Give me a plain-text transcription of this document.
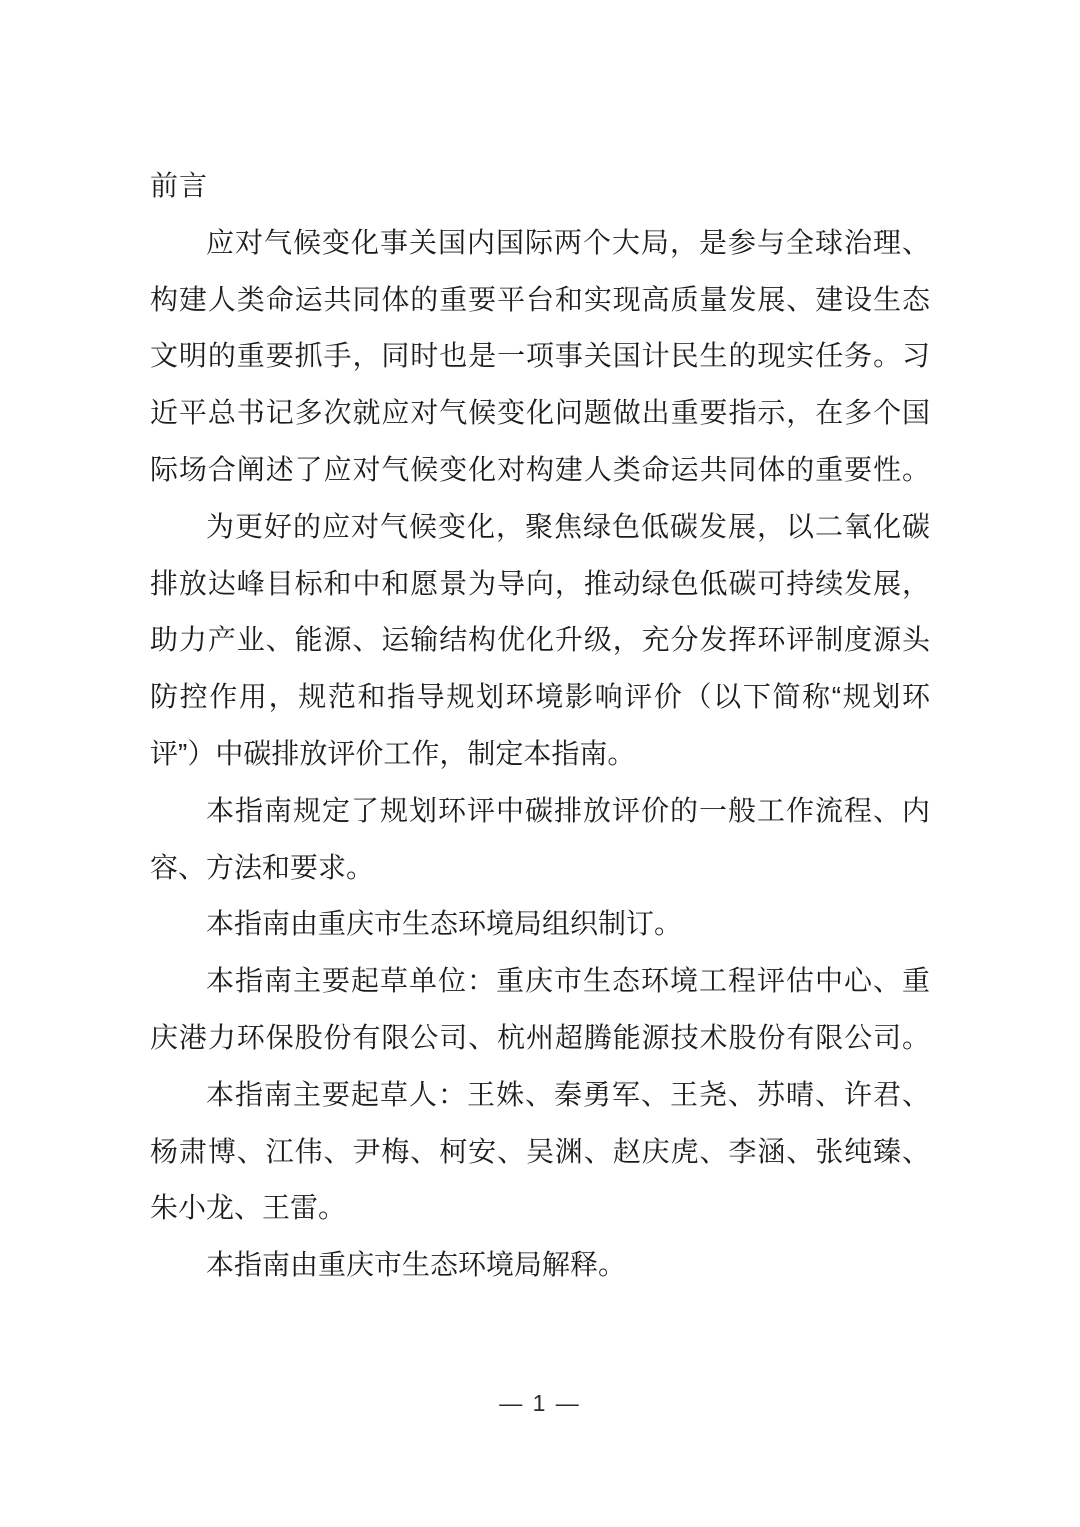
前言
应对气候变化事关国内国际两个大局，是参与全球治理、
构建人类命运共同体的重要平台和实现高质量发展、建设生态
文明的重要抓手，同时也是一项事关国计民生的现实任务。习
近平总书记多次就应对气候变化问题做出重要指示，在多个国
际场合阐述了应对气候变化对构建人类命运共同体的重要性。
为更好的应对气候变化，聚焦绿色低碳发展，以二氧化碳
排放达峰目标和中和愿景为导向，推动绿色低碳可持续发展，
助力产业、能源、运输结构优化升级，充分发挥环评制度源头
防控作用，规范和指导规划环境影响评价（以下简称“规划环
评”）中碳排放评价工作，制定本指南。
本指南规定了规划环评中碳排放评价的一般工作流程、内
容、方法和要求。
本指南由重庆市生态环境局组织制订。
本指南主要起草单位：重庆市生态环境工程评估中心、重
庆港力环保股份有限公司、杭州超腾能源技术股份有限公司。
本指南主要起草人：王姝、秦勇军、王尧、苏晴、许君、
杨肃博、江伟、尹梅、柯安、吴渊、赵庆虎、李涵、张纯臻、
朱小龙、王雷。
本指南由重庆市生态环境局解释。
— 1 —
